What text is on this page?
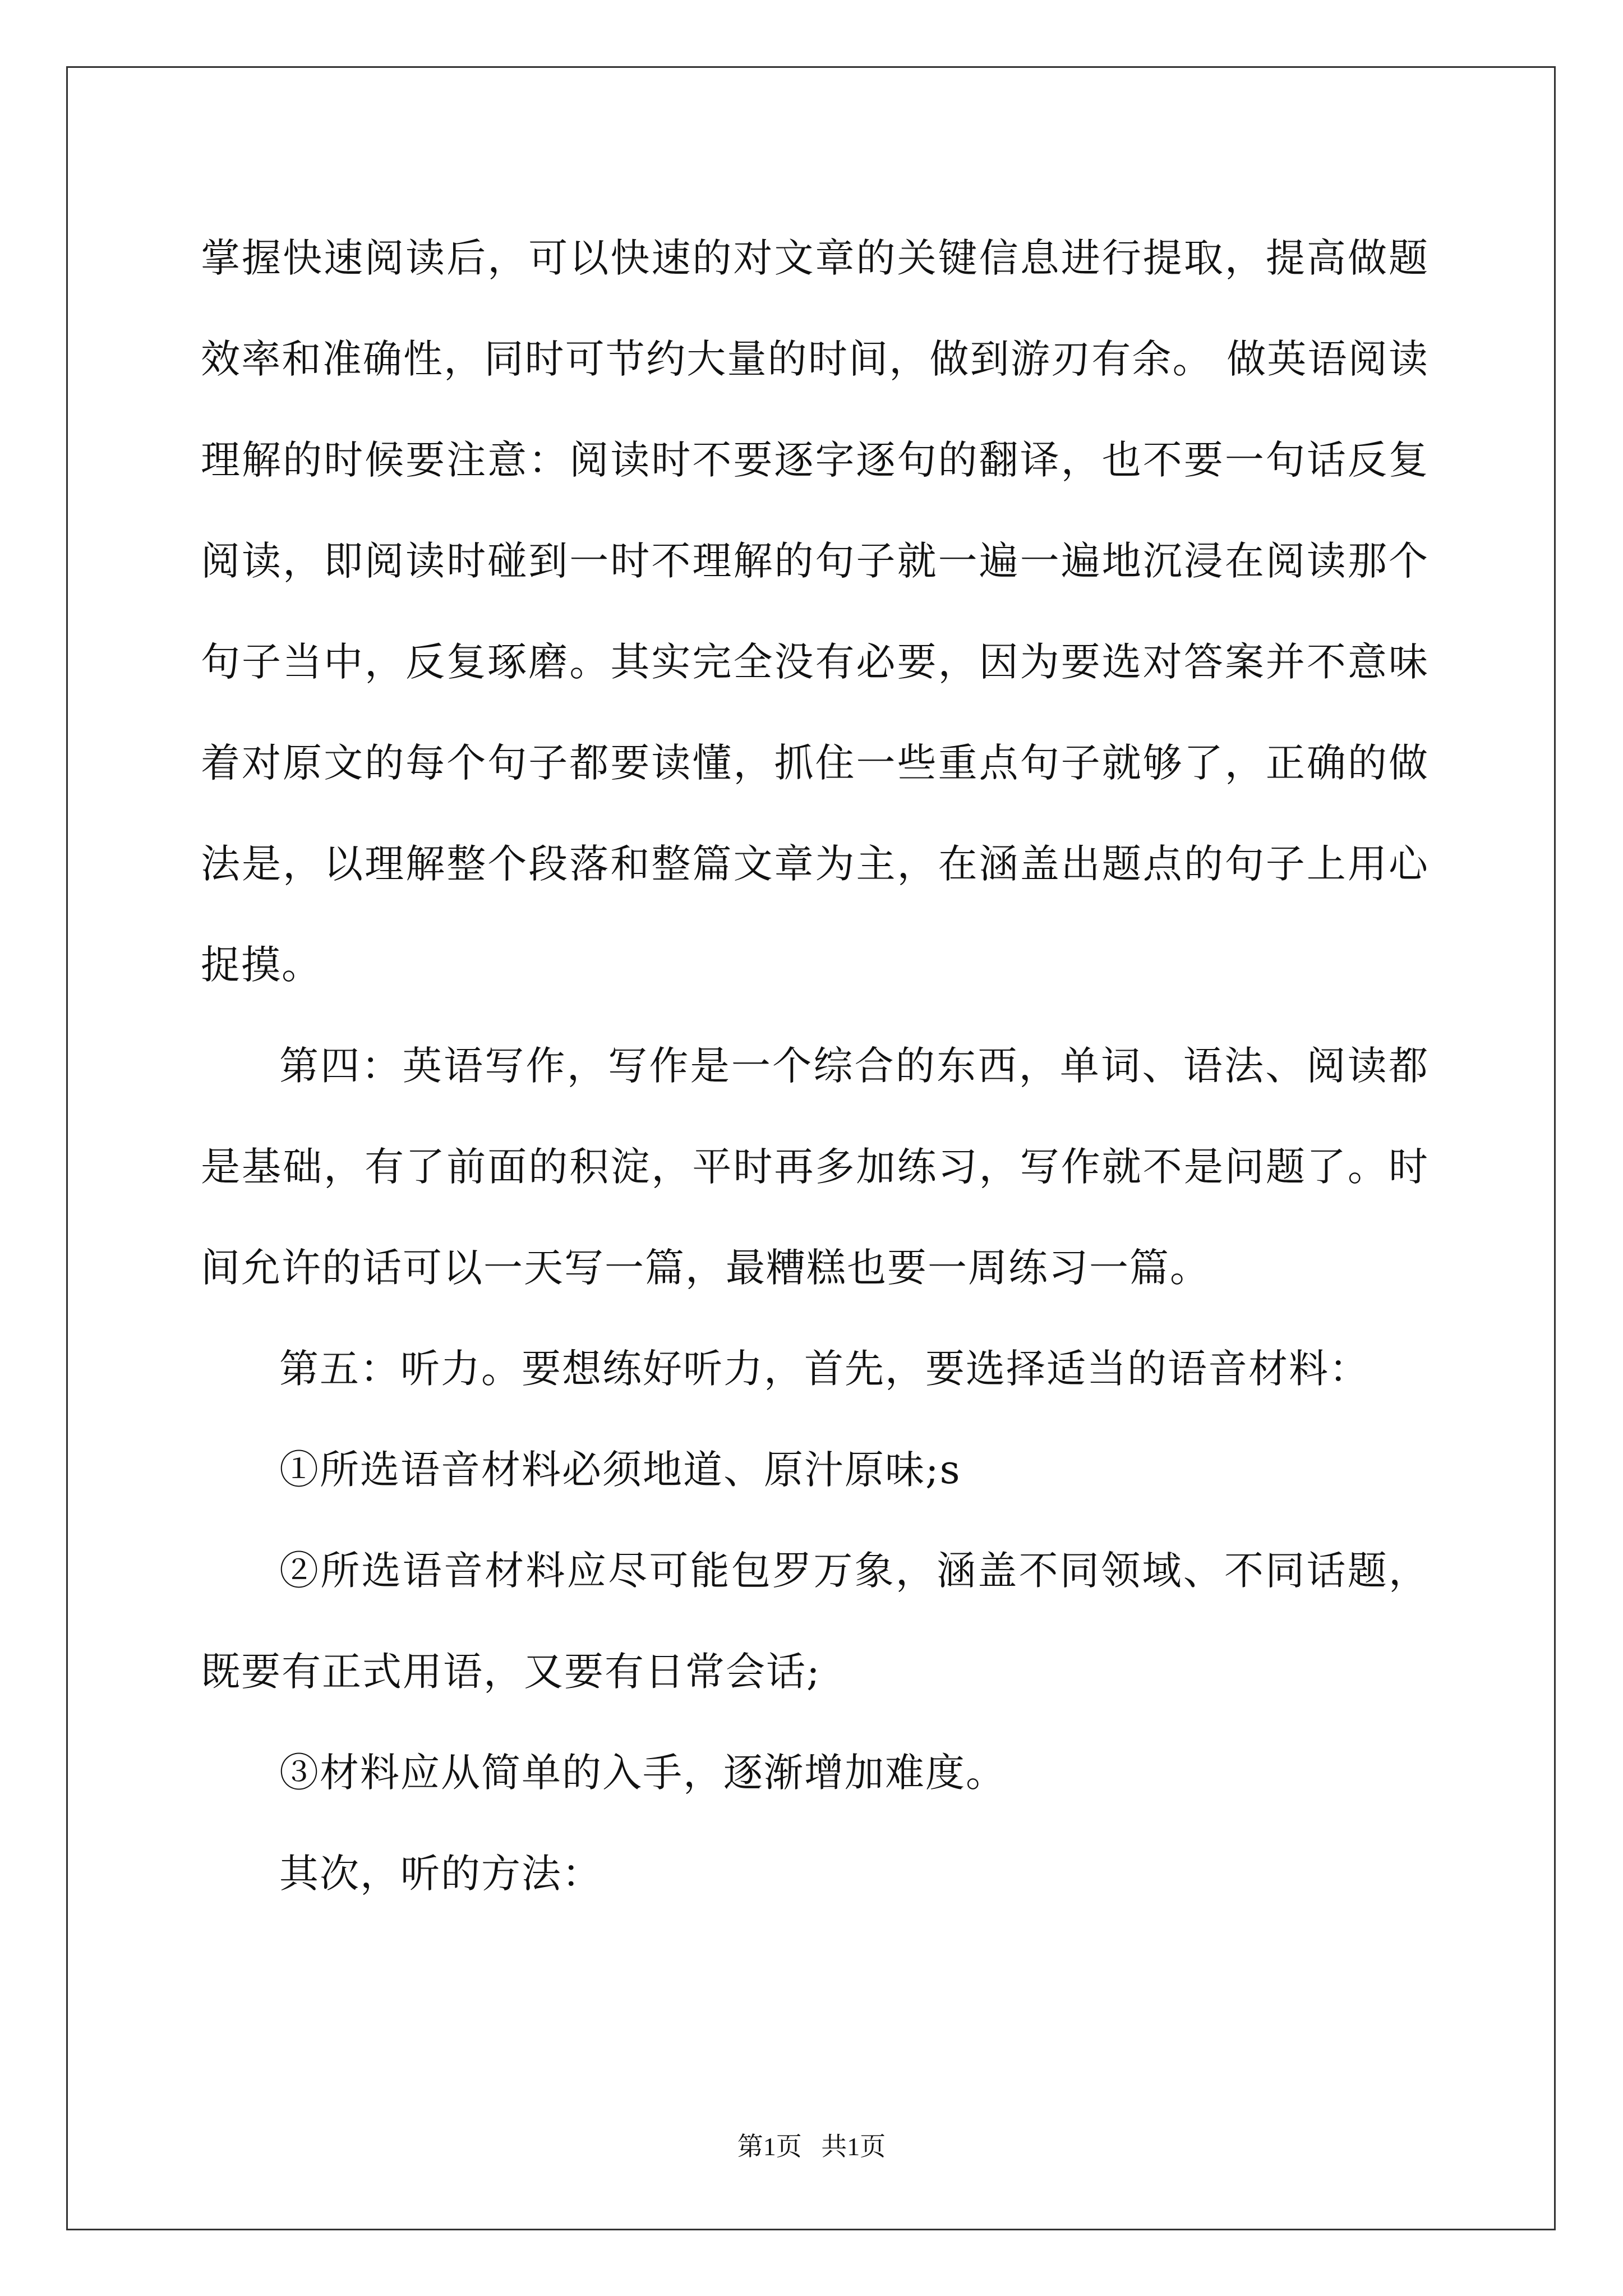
掌握快速阅读后，可以快速的对文章的关键信息进行提取，提高做题效率和准确性，同时可节约大量的时间，做到游刃有余。 做英语阅读理解的时候要注意：阅读时不要逐字逐句的翻译，也不要一句话反复阅读，即阅读时碰到一时不理解的句子就一遍一遍地沉浸在阅读那个句子当中，反复琢磨。其实完全没有必要，因为要选对答案并不意味着对原文的每个句子都要读懂，抓住一些重点句子就够了，正确的做法是，以理解整个段落和整篇文章为主，在涵盖出题点的句子上用心捉摸。

第四：英语写作，写作是一个综合的东西，单词、语法、阅读都是基础，有了前面的积淀，平时再多加练习，写作就不是问题了。时间允许的话可以一天写一篇，最糟糕也要一周练习一篇。

第五：听力。要想练好听力，首先，要选择适当的语音材料：

①所选语音材料必须地道、原汁原味;s

②所选语音材料应尽可能包罗万象，涵盖不同领域、不同话题，既要有正式用语，又要有日常会话;

③材料应从简单的入手，逐渐增加难度。

其次，听的方法：

第1页   共1页
